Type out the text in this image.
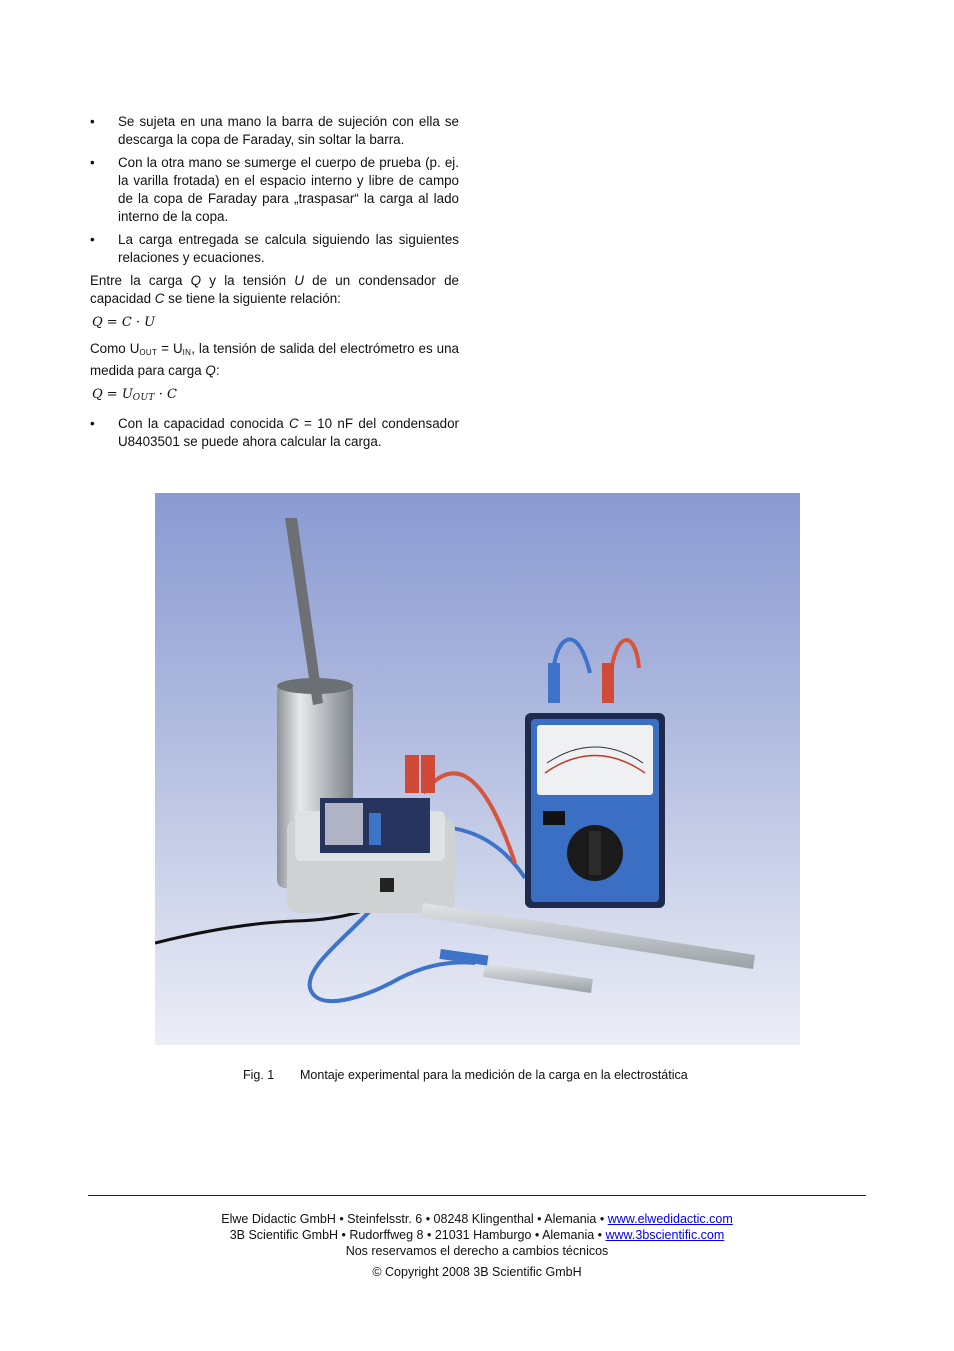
• Se sujeta en una mano la barra de sujeción con ella se descarga la copa de Faraday, sin soltar la barra.
• Con la otra mano se sumerge el cuerpo de prueba (p. ej. la varilla frotada) en el espacio interno y libre de campo de la copa de Faraday para „traspasar“ la carga al lado interno de la copa.
• La carga entregada se calcula siguiendo las siguientes relaciones y ecuaciones.

Entre la carga Q y la tensión U de un condensador de capacidad C se tiene la siguiente relación:

Q = C · U

Como $U_{OUT} = U_{IN}$, la tensión de salida del electrómetro es una medida para carga Q:

$Q = U_{OUT} \cdot C$
• Con la capacidad conocida C = 10 nF del condensador U8403501 se puede ahora calcular la carga.
Fig. 1 Montaje experimental para la medición de la carga en la electrostática
Elwe Didactic GmbH • Steinfelsstr. 6 • 08248 Klingenthal • Alemania • www.elwedidactic.com
3B Scientific GmbH • Rudorffweg 8 • 21031 Hamburgo • Alemania • www.3bscientific.com
Nos reservamos el derecho a cambios técnicos
© Copyright 2008 3B Scientific GmbH
